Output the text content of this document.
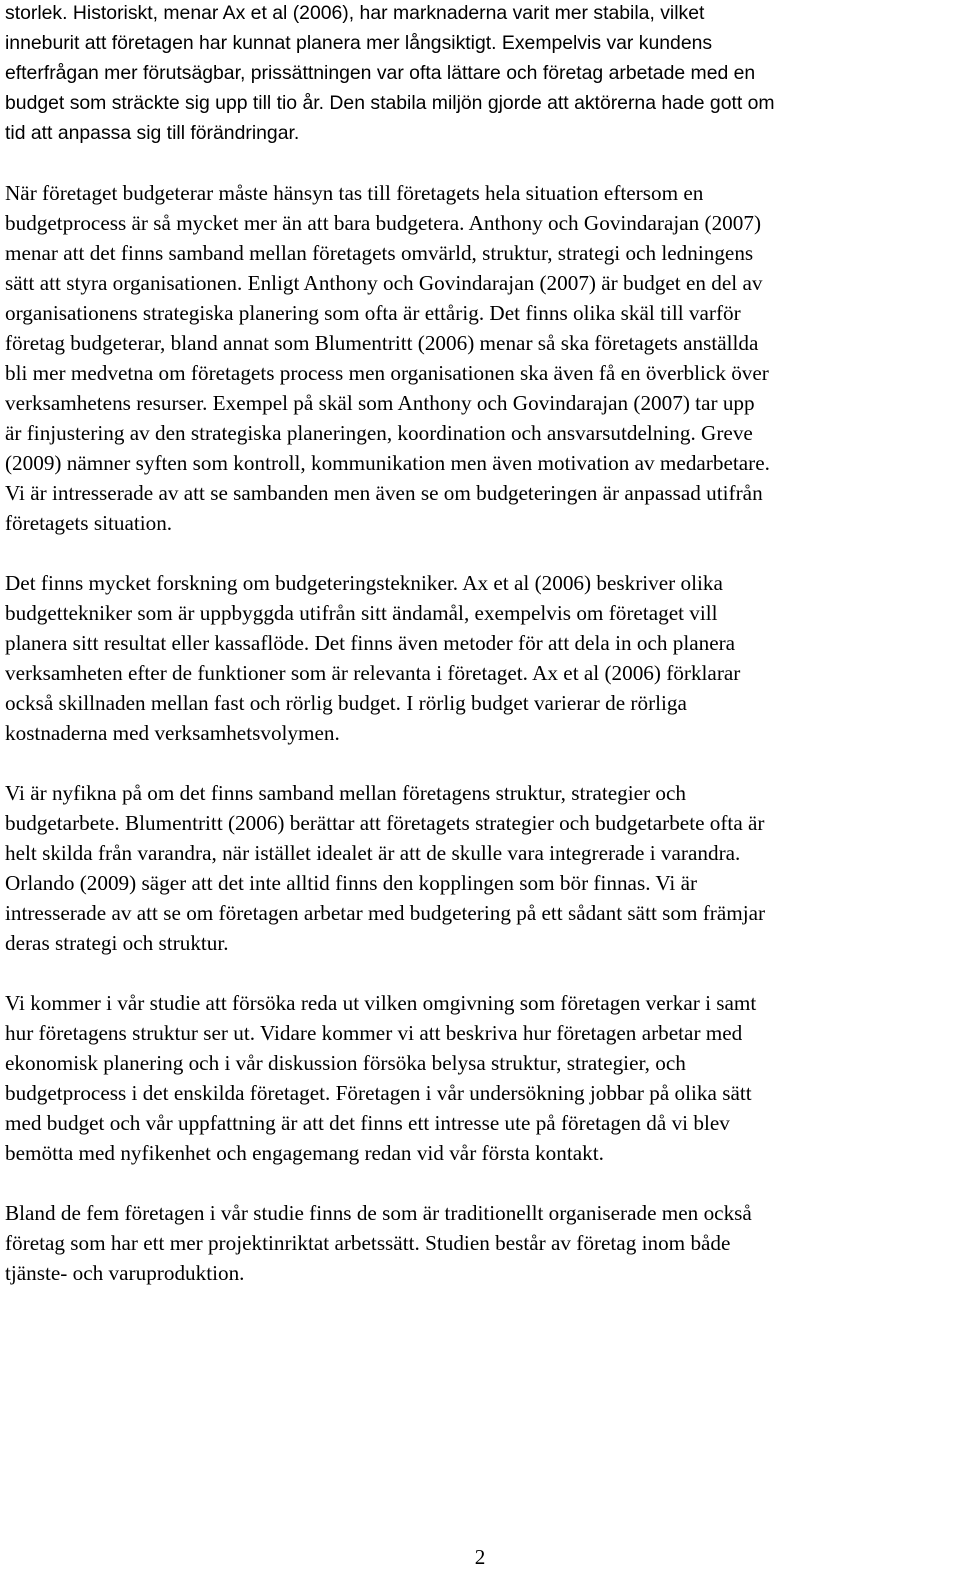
storlek. Historiskt, menar Ax et al (2006), har marknaderna varit mer stabila, vilket
inneburit att företagen har kunnat planera mer långsiktigt. Exempelvis var kundens
efterfrågan mer förutsägbar, prissättningen var ofta lättare och företag arbetade med en
budget som sträckte sig upp till tio år. Den stabila miljön gjorde att aktörerna hade gott om
tid att anpassa sig till förändringar.

När företaget budgeterar måste hänsyn tas till företagets hela situation eftersom en
budgetprocess är så mycket mer än att bara budgetera. Anthony och Govindarajan (2007)
menar att det finns samband mellan företagets omvärld, struktur, strategi och ledningens
sätt att styra organisationen. Enligt Anthony och Govindarajan (2007) är budget en del av
organisationens strategiska planering som ofta är ettårig. Det finns olika skäl till varför
företag budgeterar, bland annat som Blumentritt (2006) menar så ska företagets anställda
bli mer medvetna om företagets process men organisationen ska även få en överblick över
verksamhetens resurser. Exempel på skäl som Anthony och Govindarajan (2007) tar upp
är finjustering av den strategiska planeringen, koordination och ansvarsutdelning. Greve
(2009) nämner syften som kontroll, kommunikation men även motivation av medarbetare.
Vi är intresserade av att se sambanden men även se om budgeteringen är anpassad utifrån
företagets situation.

Det finns mycket forskning om budgeteringstekniker. Ax et al (2006) beskriver olika
budgettekniker som är uppbyggda utifrån sitt ändamål, exempelvis om företaget vill
planera sitt resultat eller kassaflöde. Det finns även metoder för att dela in och planera
verksamheten efter de funktioner som är relevanta i företaget. Ax et al (2006) förklarar
också skillnaden mellan fast och rörlig budget. I rörlig budget varierar de rörliga
kostnaderna med verksamhetsvolymen.

Vi är nyfikna på om det finns samband mellan företagens struktur, strategier och
budgetarbete. Blumentritt (2006) berättar att företagets strategier och budgetarbete ofta är
helt skilda från varandra, när istället idealet är att de skulle vara integrerade i varandra.
Orlando (2009) säger att det inte alltid finns den kopplingen som bör finnas. Vi är
intresserade av att se om företagen arbetar med budgetering på ett sådant sätt som främjar
deras strategi och struktur.

Vi kommer i vår studie att försöka reda ut vilken omgivning som företagen verkar i samt
hur företagens struktur ser ut. Vidare kommer vi att beskriva hur företagen arbetar med
ekonomisk planering och i vår diskussion försöka belysa struktur, strategier, och
budgetprocess i det enskilda företaget. Företagen i vår undersökning jobbar på olika sätt
med budget och vår uppfattning är att det finns ett intresse ute på företagen då vi blev
bemötta med nyfikenhet och engagemang redan vid vår första kontakt.

Bland de fem företagen i vår studie finns de som är traditionellt organiserade men också
företag som har ett mer projektinriktat arbetssätt. Studien består av företag inom både
tjänste- och varuproduktion.

2
